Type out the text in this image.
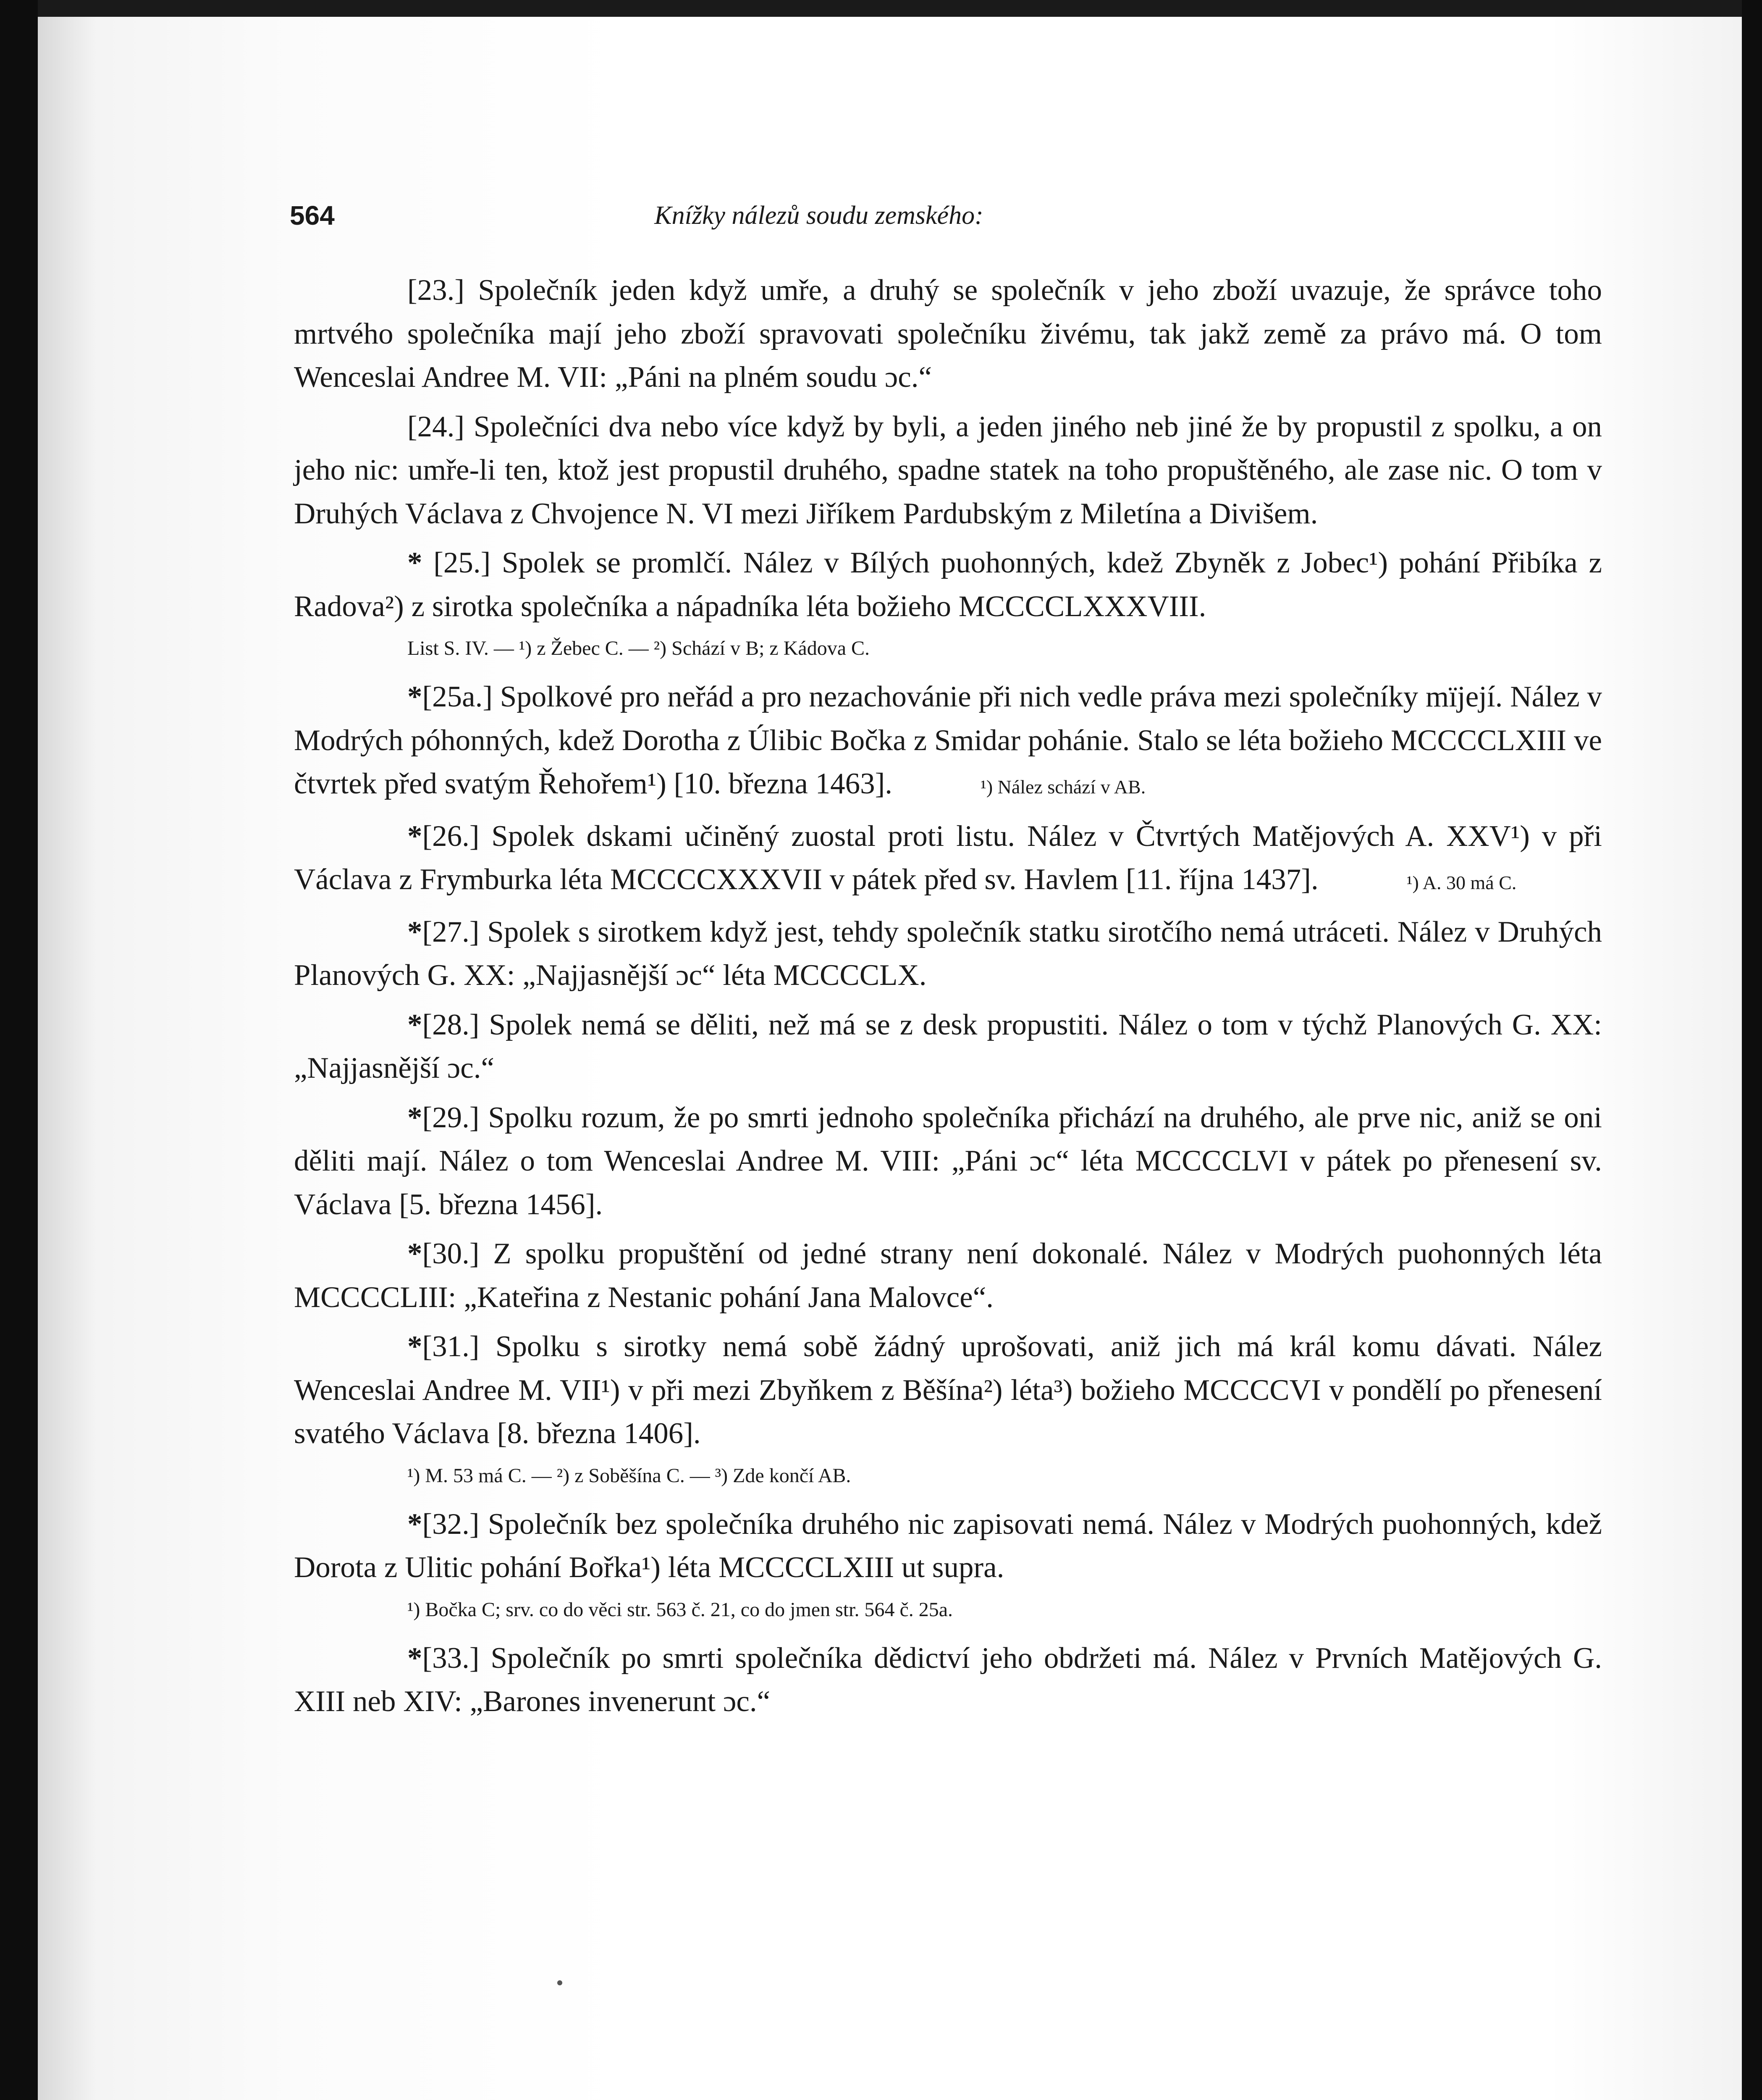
564	Knížky nálezů soudu zemského:

[23.] Společník jeden když umře, a druhý se společník v jeho zboží uvazuje, že správce toho mrtvého společníka mají jeho zboží spravovati společníku živému, tak jakž země za právo má. O tom Wenceslai Andree M. VII: „Páni na plném soudu ɔc.“

[24.] Společníci dva nebo více když by byli, a jeden jiného neb jiné že by propustil z spolku, a on jeho nic: umře-li ten, ktož jest propustil druhého, spadne statek na toho propuštěného, ale zase nic. O tom v Druhých Václava z Chvojence N. VI mezi Jiříkem Pardubským z Miletína a Divišem.

* [25.] Spolek se promlčí. Nález v Bílých puohonných, kdež Zbyněk z Jobec¹) pohání Přibíka z Radova²) z sirotka společníka a nápadníka léta božieho MCCCCLXXXVIII.

List S. IV. — ¹) z Žebec C. — ²) Schází v B; z Kádova C.

*[25a.] Spolkové pro neřád a pro nezachovánie při nich vedle práva mezi společníky mïjejí. Nález v Modrých póhonných, kdež Dorotha z Úlibic Bočka z Smidar pohánie. Stalo se léta božieho MCCCCLXIII ve čtvrtek před svatým Řehořem¹) [10. března 1463].	¹) Nález schází v AB.

*[26.] Spolek dskami učiněný zuostal proti listu. Nález v Čtvrtých Matějových A. XXV¹) v při Václava z Frymburka léta MCCCCXXXVII v pátek před sv. Havlem [11. října 1437].	¹) A. 30 má C.

*[27.] Spolek s sirotkem když jest, tehdy společník statku sirotčího nemá utráceti. Nález v Druhých Planových G. XX: „Najjasnější ɔc“ léta MCCCCLX.

*[28.] Spolek nemá se děliti, než má se z desk propustiti. Nález o tom v týchž Planových G. XX: „Najjasnější ɔc.“

*[29.] Spolku rozum, že po smrti jednoho společníka přichází na druhého, ale prve nic, aniž se oni děliti mají. Nález o tom Wenceslai Andree M. VIII: „Páni ɔc“ léta MCCCCLVI v pátek po přenesení sv. Václava [5. března 1456].

*[30.] Z spolku propuštění od jedné strany není dokonalé. Nález v Modrých puohonných léta MCCCCLIII: „Kateřina z Nestanic pohání Jana Malovce“.

*[31.] Spolku s sirotky nemá sobě žádný uprošovati, aniž jich má král komu dávati. Nález Wenceslai Andree M. VII¹) v při mezi Zbyňkem z Běšína²) léta³) božieho MCCCCVI v pondělí po přenesení svatého Václava [8. března 1406].

¹) M. 53 má C. — ²) z Soběšína C. — ³) Zde končí AB.

*[32.] Společník bez společníka druhého nic zapisovati nemá. Nález v Modrých puohonných, kdež Dorota z Ulitic pohání Bořka¹) léta MCCCCLXIII ut supra.

¹) Bočka C; srv. co do věci str. 563 č. 21, co do jmen str. 564 č. 25a.

*[33.] Společník po smrti společníka dědictví jeho obdržeti má. Nález v Prvních Matějových G. XIII neb XIV: „Barones invenerunt ɔc.“
